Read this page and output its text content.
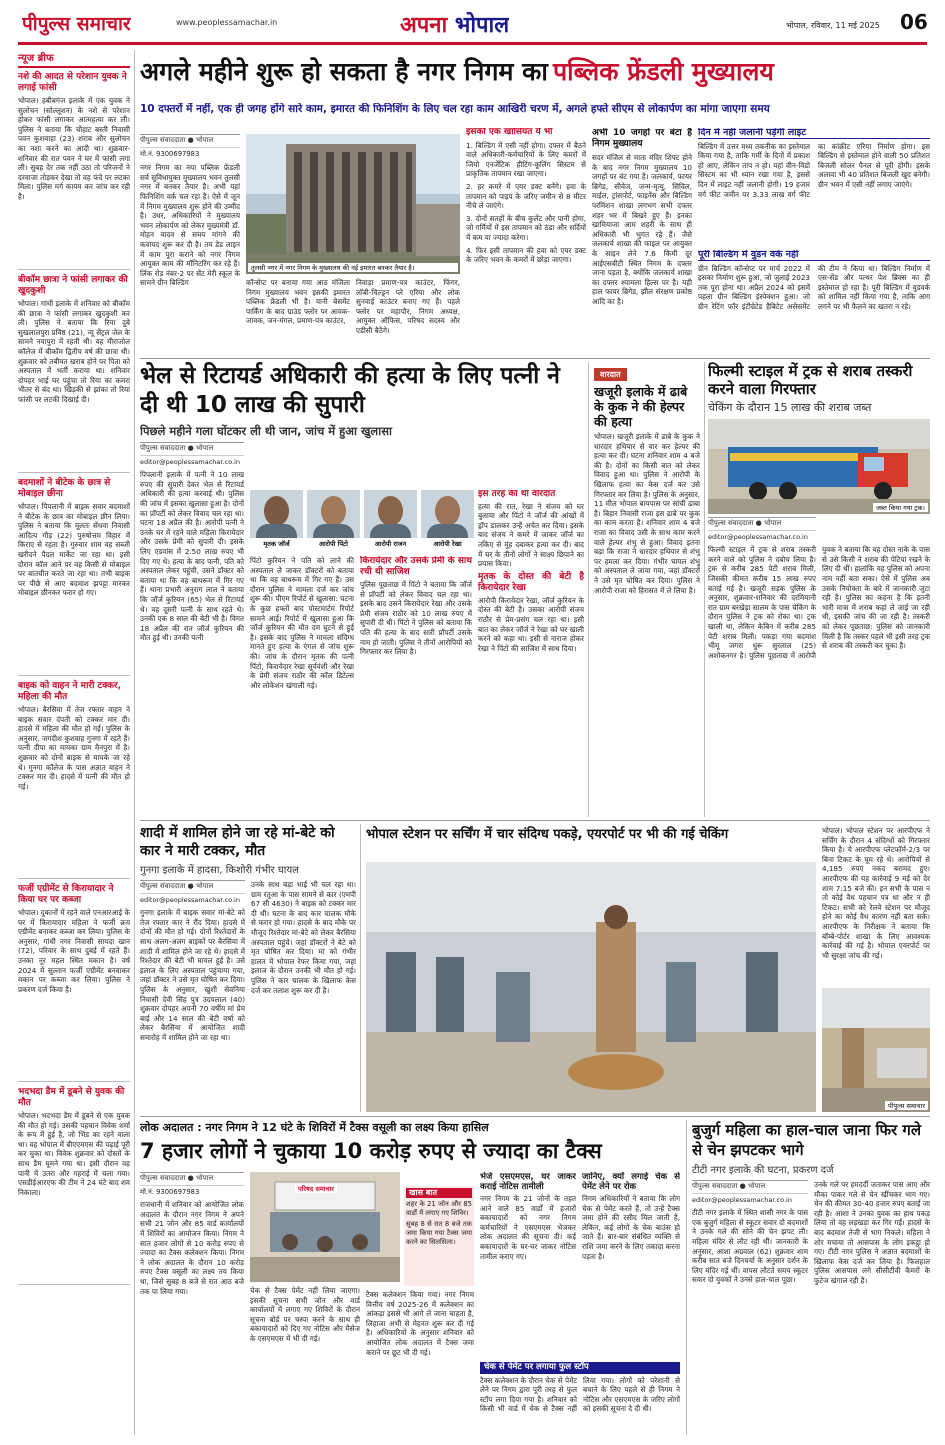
पीपुल्स समाचार	www.peoplessamachar.in	अपना भोपाल	भोपाल, रविवार, 11 मई 2025 06
न्यूज ब्रीफ
नशे की आदत से परेशान युवक ने लगाई फांसी
भोपाल। हबीबगंज इलाके में एक युवक ने सुलोचन (सोल्लूशन) के नशे से परेशान होकर फांसी लगाकर आत्महत्या कर ली। पुलिस ने बताया कि चौहाट बस्ती निवासी पवन कुशवाहा (23) शराब और सुलोचन का नशा करने का आदी था। शुक्रवार-शनिवार की रात पवन ने घर में फांसी लगा ली। सुबह देर तक नहीं उठा तो परिजनों ने दरवाजा तोड़कर देखा तो वह फंदे पर लटका मिला। पुलिस मर्ग कायम कर जांच कर रही है।
बीकॉम छात्रा ने फांसी लगाकर की खुदकुशी
भोपाल। गांधी इलाके में शनिवार को बीकॉम की छात्रा ने फांसी लगाकर खुदकुशी कर ली। पुलिस ने बताया कि रिया दुबे सुखलालपुरा प्रविष्ठ (21), न्यू सेंट्रल जेल के सामने नयापुरा में रहती थी। वह मीराजोल कॉलेज में बीकॉम द्वितीय वर्ष की छात्रा थी। शुक्रवार को तबीयत खराब होने पर पिता को अस्पताल में भर्ती कराया था। शनिवार दोपहर भाई घर पहुंचा तो रिया का कमरा भीतर से बंद था। खिड़की से झांका तो रिया फांसी पर लटकी दिखाई दी।
बदमाशों ने बीटेक के छात्र से मोबाइल छीना
भोपाल। पिपलानी में बाइक सवार बदमाशों ने बीटेक के छात्र का मोबाइल छीन लिया। पुलिस ने बताया कि मूलतः सेंधवा निवासी आदित्य गौड़ (22) पुरुषोत्तम विहार में किराए से रहता है। गुरुवार शाम वह सब्जी खरीदने पैदल मार्केट जा रहा था। इसी दौरान कॉल आने पर वह किसी से मोबाइल पर बातचीत करते जा रहा था। तभी बाइक पर पीछे से आए बदमाश झपट्टा मारकर मोबाइल छीनकर फरार हो गए।
बाइक को वाहन ने मारी टक्कर, महिला की मौत
भोपाल। बैरसिया में तेज रफ्तार वाहन ने बाइक सवार दंपती को टक्कर मार दी। हादसे में महिला की मौत हो गई। पुलिस के अनुसार, जगदीश कुशवाह गुनगा में रहते हैं। पत्नी दीपा का मायका ग्राम मैनपुरा में है। शुक्रवार को दोनों बाइक से मायके जा रहे थे। गुनगा कॉलेज के पास अज्ञात वाहन ने टक्कर मार दी। हादसे में पत्नी की मौत हो गई।
फर्जी एग्रीमेंट से किरायादार ने किया घर पर कब्जा
भोपाल। दुकानों में रहने वाले एनआरआई के घर में किरायादार महिला ने फर्जी क्रय एग्रीमेंट बनाकर कब्जा कर लिया। पुलिस के अनुसार, गांधी नगर निवासी सायदा खान (72), परिवार के साथ दुबई में रहते हैं। उनका नूर महल स्थित मकान है। वर्ष 2024 में सुल्तान फर्जी एग्रीमेंट बनवाकर मकान पर कब्जा कर लिया। पुलिस ने प्रकरण दर्ज किया है।
भदभदा डैम में डूबने से युवक की मौत
भोपाल। भदभदा डैम में डूबने से एक युवक की मौत हो गई। उसकी पहचान विवेक शर्मा के रूप में हुई है, जो भिंड का रहने वाला था। वह भोपाल में बीएएमएस की पढ़ाई पूरी कर चुका था। विवेक शुक्रवार को दोस्तों के साथ डैम घूमने गया था। इसी दौरान वह पानी में उतरा और गहराई में चला गया। एसडीईआरएफ की टीम ने 24 घंटे बाद शव निकाला।
अगले महीने शुरू हो सकता है नगर निगम का पब्लिक फ्रेंडली मुख्यालय
10 दफ्तरों में नहीं, एक ही जगह होंगे सारे काम, इमारत की फिनिशिंग के लिए चल रहा काम आखिरी चरण में, अगले हफ्ते सीएम से लोकार्पण का मांगा जाएगा समय
पीपुल्स संवाददाता ● भोपाल
मो.नं. 9300697983

नगर निगम का नया पब्लिक फ्रेंडली सर्व सुविधायुक्त मुख्यालय भवन तुलसी नगर में बनकर तैयार है। अभी यहां फिनिशिंग वर्क चल रहा है। ऐसे में जून में निगम मुख्यालय शुरू होने की उम्मीद है। उधर, अधिकारियों ने मुख्यालय भवन लोकार्पण को लेकर मुख्यमंत्री डॉ. मोहन यादव से समय मांगने की कवायद शुरू कर दी है। तय डेड लाइन में काम पूरा कराने को नगर निगम आयुक्त काम की मॉनिटरिंग कर रहे हैं। लिंक रोड नंबर-2 पर सेंट मेरी स्कूल के सामने ग्रीन बिल्डिंग

तुलसी नगर में नगर निगम के मुख्यालय की नई इमारत बनकर तैयार है।

कॉन्सेप्ट पर बनाया गया आठ मंजिला निगम मुख्यालय भवन इसकी इमारत पब्लिक फ्रेंडली भी है। यानी बेसमेंट पार्किंग के बाद ग्राउंड फ्लोर पर आवक-जावक, जन-मंगल, प्रमाण-पत्र काउंटर,

निवाड़ा प्रमाण-पत्र काउंटर, फिंगर, लॉबी-चिल्ड्रन प्ले एरिया और लोक सुनवाई काउंटर बनाए गए हैं। पहले फ्लोर पर महापौर, निगम अध्यक्ष, आयुक्त ऑफिस, परिषद सदस्य और एडीसी बैठेंगे।

इसकी एक खासियत ये भी

1. बिल्डिंग में एसी नहीं होगा। दफ्तर में बैठने वाले अधिकारी-कर्मचारियों के लिए कमरों में जियो एनर्जेटिक हीटिंग-कूलिंग सिस्टम से प्राकृतिक तापमान रखा जाएगा।

2. हर कमरे में एयर डक्ट बनेंगे। हवा के तापमान को पाइप के जरिए जमीन से 8 मीटर नीचे ले जाएंगे।

3. दोनों सतहों के बीच कुलेंट और पानी होगा, जो गर्मियों में इस तापमान को ठंडा और सर्दियों में कम या ज्यादा करेगा।

4. फिर इसी तापमान की हवा को एयर डक्ट के जरिए भवन के कमरों में छोड़ा जाएगा।

अभी 10 जगहों पर बंटा है निगम मुख्यालय

सदर मंजिल से माता मंदिर शिफ्ट होने के बाद नगर निगम मुख्यालय 10 जगहों पर बंट गया है। जलकार्य, फायर ब्रिगेड, सीवेज, जन्म-मृत्यु, सिविल, माईल, ट्रांसपोर्ट, फाइनेंस और बिल्डिंग परमिशन शाखा लगभग सभी दफ्तर शहर भर में बिखरे हुए हैं। इनका खामियाजा आम शहरी के साथ ही अधिकारी भी भुगत रहे हैं। जैसे जलकार्य शाखा की फाइल पर आयुक्त के साइन लेने 7.6 किमी दूर आईएसबीटी स्थित निगम के दफ्तर जाना पड़ता है, क्योंकि जलकार्य शाखा का दफ्तर श्यामला हिल्स पर है। यही हाल फायर ब्रिगेड, झील संरक्षण प्रकोष्ठ आदि का है।

दिन में नहीं जलानी पड़ेगी लाइट

बिल्डिंग में उत्तर मध्य तकनीक का इस्तेमाल किया गया है, ताकि गर्मी के दिनों में प्रकाश हो आए, लेकिन ताप न हो। यहां वीन-विडो सिस्टम का भी ध्यान रखा गया है, इससे दिन में लाइट नहीं जलानी होगी। 19 हजार वर्ग फीट जमीन पर 3.33 लाख वर्ग फीट का कांक्रीट एरिया निर्माण होगा। इस बिल्डिंग से इस्तेमाल होने वाली 50 प्रतिशत बिजली सोलर पैनल से पूरी होगी। इसके अलावा भी 40 प्रतिशत बिजली खुद बनेगी। ग्रीन भवन में एसी नहीं लगाए जाएंगे।

पूरी बिल्डिंग में वुडन वर्क नहीं

ग्रीन बिल्डिंग कॉन्सेप्ट पर मार्च 2022 में इसका निर्माण शुरू हुआ, जो जुलाई 2023 तक पूरा होना था। अप्रैल 2024 को इसमें पहला ग्रीन बिल्डिंग इंस्पेक्शन हुआ। जो ग्रीन रेटिंग फॉर इंटीग्रेटेड हैबिटेट असेसमेंट की टीम ने किया था। बिल्डिंग निर्माण में एस-सेंड और पत्थर पेश ब्रिक्स का ही इस्तेमाल हो रहा है। पूरी बिल्डिंग में वुडवर्क को शामिल नहीं किया गया है, ताकि आग लगने पर भी फैलने का खतरा न रहे।

भेल से रिटायर्ड अधिकारी की हत्या के लिए पत्नी ने दी थी 10 लाख की सुपारी
पिछले महीने गला घोंटकर ली थी जान, जांच में हुआ खुलासा
पीपुल्स संवाददाता ● भोपाल
editor@peoplessamachar.co.in

पिपलानी इलाके में पत्नी ने 10 लाख रुपए की सुपारी देकर भेल से रिटायर्ड अधिकारी की हत्या करवाई थी। पुलिस की जांच में इसका खुलासा हुआ है। दोनों का प्रॉपर्टी को लेकर विवाद चल रहा था। घटना 18 अप्रैल की है। आरोपी पत्नी ने उनके घर में रहने वाले महिला किरायेदार और उसके प्रेमी को सुपारी दी। इसके लिए एडवांस में 2.50 लाख रुपए भी दिए गए थे। हत्या के बाद पत्नी, पति को अस्पताल लेकर पहुंची, उसने डॉक्टर को बताया था कि वह बाथरूम में गिर गए हैं। थाना प्रभारी अनुराग लाल ने बताया कि जॉर्ज कुरियन (65) भेल से रिटायर्ड थे। वह दूसरी पत्नी के साथ रहते थे। उनकी एक 8 साल की बेटी भी है। विगत 18 अप्रैल की रात जॉर्ज कुरियन की मौत हुई थी। उनकी पत्नी

मृतक जॉर्ज	आरोपी पिंटो	आरोपी राजन	आरोपी रेखा

पिंटो कुरियन ने पति को लाने की अस्पताल ले जाकर डॉक्टरों को बताया था कि वह बाथरूम में गिर गए हैं। उस दौरान पुलिस ने मामला दर्ज कर जांच शुरू की। पीएम रिपोर्ट से खुलासा: घटना के कुछ हफ्तों बाद पोस्टमार्टम रिपोर्ट सामने आई। रिपोर्ट में खुलासा हुआ कि जॉर्ज कुरियन की मौत दम घुटने से हुई है। इसके बाद पुलिस ने मामला संदिग्ध मानते हुए हत्या के एंगल से जांच शुरू की। जांच के दौरान मृतक की पत्नी पिंटो, किरायेदार रेखा सूर्यवंशी और रेखा के प्रेमी संजय राठौर की कॉल डिटेल्स और लोकेशन खंगाली गई।

किरायेदार और उसके प्रेमी के साथ रची थी साजिश

पुलिस पूछताछ में पिंटो ने बताया कि जॉर्ज से प्रॉपर्टी को लेकर विवाद चल रहा था। इसके बाद उसने किरायेदार रेखा और उसके प्रेमी संजय राठौर को 10 लाख रुपए में सुपारी दी थी। पिंटो ने पुलिस को बताया कि पति की हत्या के बाद सारी प्रॉपर्टी उसके नाम हो जाती। पुलिस ने तीनों आरोपियों को गिरफ्तार कर लिया है।

इस तरह की थी वारदात

हत्या की रात, रेखा ने संजय को घर बुलाया और पिंटो ने जॉर्ज की आंखों में ड्रॉप डालकर उन्हें अचेत कर दिया। इसके बाद संजय ने कमरे में जाकर जॉर्ज का तकिए से मुंह दबाकर हत्या कर दी। बाद में घर के तीनों लोगों ने साक्ष्य छिपाने का प्रयास किया।

मृतक के दोस्त की बेटी है किरायेदार रेखा

आरोपी किरायेदार रेखा, जॉर्ज कुरियन के दोस्त की बेटी है। उसका आरोपी संजय राठौर से प्रेम-प्रसंग चल रहा था। इसी बात का लेकर जॉर्ज ने रेखा को घर खाली करने को कहा था। इसी से नाराज होकर रेखा ने पिंटो की साजिश में साथ दिया।

वारदात
खजूरी इलाके में ढाबे के कुक ने की हेल्पर की हत्या
भोपाल। खजूरी इलाके में ढाबे के कुक ने धारदार हथियार से वार कर हेल्पर की हत्या कर दी। घटना शनिवार शाम 4 बजे की है। दोनों का किसी बात को लेकर विवाद हुआ था। पुलिस ने आरोपी के खिलाफ हत्या का केस दर्ज कर उसे गिरफ्तार कर लिया है। पुलिस के अनुसार, 11 मील भोपाल बायपास पर सांची ढाबा है। बिहार निवासी राजा इस ढाबे पर कुक का काम करता है। शनिवार शाम 4 बजे राजा का विवाद उसी के साथ काम करने वाले हेल्पर शंभु से हुआ। विवाद इतना बढ़ा कि राजा ने धारदार हथियार से शंभु पर हमला कर दिया। गंभीर घायल शंभु को अस्पताल ले जाया गया, जहां डॉक्टरों ने उसे मृत घोषित कर दिया। पुलिस ने आरोपी राजा को हिरासत में ले लिया है।
फिल्मी स्टाइल में ट्रक से शराब तस्करी करने वाला गिरफ्तार
चेकिंग के दौरान 15 लाख की शराब जब्त
जब्त किया गया ट्रक।
पीपुल्स संवाददाता ● भोपाल
editor@peoplessamachar.co.in
फिल्मी स्टाइल में ट्रक से शराब तस्करी करने वाले को पुलिस ने दबोच लिया है। ट्रक से करीब 285 पेटी शराब मिली, जिसकी कीमत करीब 15 लाख रुपए बताई गई है। खजूरी सड़क पुलिस के अनुसार, शुक्रवार-शनिवार की दरमियानी रात ग्राम बरखेड़ा सालम के पास चेकिंग के दौरान पुलिस ने ट्रक को रोका था। ट्रक खाली था, लेकिन केबिन में करीब 285 पेटी शराब मिली। पकड़ा गया बदमाश भीमू जगरा धुरू सुरलाल (25) अशोकनगर है। पुलिस पूछताछ में आरोपी युवक ने बताया कि वह दोस्त नाके के पास से उसे किसी ने शराब की पेटियां रखने के लिए दी थीं। हालांकि यह पुलिस को अपना नाम नहीं बता सका। ऐसे में पुलिस अब उसके नियोक्ता के बारे में जानकारी जुटा रही है। पुलिस का कहना है कि इतनी भारी मात्रा में शराब कहां ले जाई जा रही थी, इसकी जांच की जा रही है। तस्करी को लेकर पूछताछ: पुलिस को जानकारी मिली है कि तस्कर पहले भी इसी तरह ट्रक से शराब की तस्करी कर चुका है।
शादी में शामिल होने जा रहे मां-बेटे को कार ने मारी टक्कर, मौत
गुनगा इलाके में हादसा, किशोरी गंभीर घायल
पीपुल्स संवाददाता ● भोपाल
editor@peoplessamachar.co.in

गुनगा इलाके में बाइक सवार मां-बेटे को तेज रफ्तार कार ने रौंद दिया। हादसे में दोनों की मौत हो गई। दोनों रिश्तेदारों के साथ अलग-अलग बाइकों पर बैरसिया में शादी में शामिल होने जा रहे थे। हादसे में रिश्तेदार की बेटी भी घायल हुई है। उसे इलाज के लिए अस्पताल पहुंचाया गया, जहां डॉक्टर ने उसे मृत घोषित कर दिया। पुलिस के अनुसार, खुशी सेवनिया निवासी देवी सिंह पुत्र उदयलाल (40) शुक्रवार दोपहर अपनी 70 वर्षीय मां प्रेम बाई और 14 साल की बेटी वर्षा को लेकर बैरसिया में आयोजित शादी समारोह में शामिल होने जा रहा था।

उनके साथ बड़ा भाई भी चल रहा था। ग्राम रतुआ के पास सामने से कार (एमपी 67 सी 4630) ने बाइक को टक्कर मार दी थी। घटना के बाद कार चालक मौके से फरार हो गया। हादसे के बाद मौके पर मौजूद रिश्तेदार मां-बेटे को लेकर बैरसिया अस्पताल पहुंचे। जहां डॉक्टरों ने बेटे को मृत घोषित कर दिया। मां को गंभीर हालत में भोपाल रेफर किया गया, जहां इलाज के दौरान उनकी भी मौत हो गई। पुलिस ने कार चालक के खिलाफ केस दर्ज कर तलाश शुरू कर दी है।

भोपाल स्टेशन पर सर्चिंग में चार संदिग्ध पकड़े, एयरपोर्ट पर भी की गई चेकिंग	भोपाल। भोपाल स्टेशन पर आरपीएफ ने सर्चिंग के दौरान 4 संदिग्धों को गिरफ्तार किया है। ये आरपीएफ प्लेटफॉर्म-2/3 पर बिना टिकट के घूम रहे थे। आरोपियों से 4,185 रुपए नकद बरामद हुए। आरपीएफ की यह कार्रवाई 9 मई को देर शाम 7:15 बजे की। इन सभी के पास न तो कोई वैध पहचान पत्र था और न ही टिकट। सभी को रेलवे स्टेशन पर मौजूद होने का कोई वैध कारण नहीं बता सके। आरपीएफ के निरीक्षक ने बताया कि बॉम्बे-पोर्टर शाखा के लिए आवश्यक कार्रवाई की गई है। भोपाल एयरपोर्ट पर भी सुरक्षा जांच की गई।

पीपुल्स समाचार
लोक अदालत : नगर निगम ने 12 घंटे के शिविरों में टैक्स वसूली का लक्ष्य किया हासिल
7 हजार लोगों ने चुकाया 10 करोड़ रुपए से ज्यादा का टैक्स
पीपुल्स संवाददाता ● भोपाल
मो.नं. 9300697983

राजधानी में शनिवार को आयोजित लोक अदालत के दौरान नगर निगम ने अपने सभी 21 जोन और 85 वार्ड कार्यालयों में शिविरों का आयोजन किया। निगम ने सात हजार लोगों से 10 करोड़ रुपए से ज्यादा का टैक्स कलेक्शन किया। निगम ने लोक अदालत के दौरान 10 करोड़ रुपए टैक्स वसूली का लक्ष्य तय किया था, जिसे सुबह 8 बजे से रात आठ बजे तक पा लिया गया।

परिषद समाचार	खास बात

शहर के 21 जोन और 85 वार्डों में लगाए गए शिविर।

सुबह 8 से रात 8 बजे तक जमा किया गया टैक्स जमा करने का सिलसिला।

चेक से टैक्स पेमेंट नहीं लिया जाएगा। इसकी सूचना सभी जोन और वार्ड कार्यालयों में लगाए गए शिविरों के दौरान सूचना बोर्ड पर चस्पा करने के साथ ही बकायादारों को दिए गए नोटिस और मैसेज के एसएमएस में भी दी गई।

टैक्स कलेक्शन किया गया। नगर निगम वित्तीय वर्ष 2025-26 में कलेक्शन का आंकड़ा इससे भी आगे ले जाना चाहता है, लिहाजा अभी से मेहनत शुरू कर दी गई है। अधिकारियों के अनुसार शनिवार को आयोजित लोक अदालत में टैक्स जमा कराने पर छूट भी दी गई।

भेजे एसएमएस, घर जाकर कराई नोटिस तामीली

नगर निगम के 21 जोनों के तहत आने वाले 85 वार्डों में हजारों बकायादारों को नगर निगम कर्मचारियों ने एसएमएस भेजकर लोक अदालत की सूचना दी। कई बकायादारों के घर-घर जाकर नोटिस तामील कराए गए।

जानिए, क्यों लगाई चेक से पेमेंट लेने पर रोक

निगम अधिकारियों ने बताया कि लोग चेक से पेमेंट करते हैं, तो उन्हें टैक्स जमा होने की रसीद मिल जाती है, लेकिन, कई लोगों के चेक बाउंस हो जाते हैं। बार-बार संबंधित व्यक्ति से राशि जमा करने के लिए तकादा करना पड़ता है।

चेक से पेमेंट पर लगाया फुल स्टॉप

टैक्स कलेक्शन के दौरान चेक से पेमेंट लेने पर निगम द्वारा पूरी तरह से फुल स्टॉप लगा दिया गया है। शनिवार को किसी भी वार्ड में चेक से टैक्स नहीं लिया गया। लोगों को परेशानी से बचाने के लिए पहले से ही निगम ने नोटिस और एसएमएस के जरिए लोगों को इसकी सूचना दे दी थी।

बुजुर्ग महिला का हाल-चाल जाना फिर गले से चेन झपटकर भागे
टीटी नगर इलाके की घटना, प्रकरण दर्ज
पीपुल्स संवाददाता ● भोपाल
editor@peoplessamachar.co.in

टीटी नगर इलाके में स्थित शासी नगर के पास एक बुजुर्ग महिला से स्कूटर सवार दो बदमाशों ने उनके गले की सोने की चेन झपट ली। महिला मंदिर से लौट रही थीं। जानकारी के अनुसार, आशा अग्रवाल (62) शुक्रवार शाम करीब सात बजे दिनचर्या के अनुसार दर्शन के लिए मंदिर गई थीं। वापस लौटते समय स्कूटर सवार दो युवकों ने उनसे हाल-चाल पूछा।

उनके गले पर हमदर्दी जताकर पास आए और मौका पाकर गले से चेन खींचकर भाग गए। चेन की कीमत 30-40 हजार रुपए बताई जा रही है। आशा ने उनका युवक का हाथ पकड़ लिया तो वह लड़खड़ा कर गिर गईं। हादसे के बाद बदमाश तेजी से भाग निकले। महिला ने शोर मचाया तो आसपास के लोग इकट्ठा हो गए। टीटी नगर पुलिस ने अज्ञात बदमाशों के खिलाफ केस दर्ज कर लिया है। फिलहाल पुलिस आसपास लगे सीसीटीवी कैमरों के फुटेज खंगाल रही है।
